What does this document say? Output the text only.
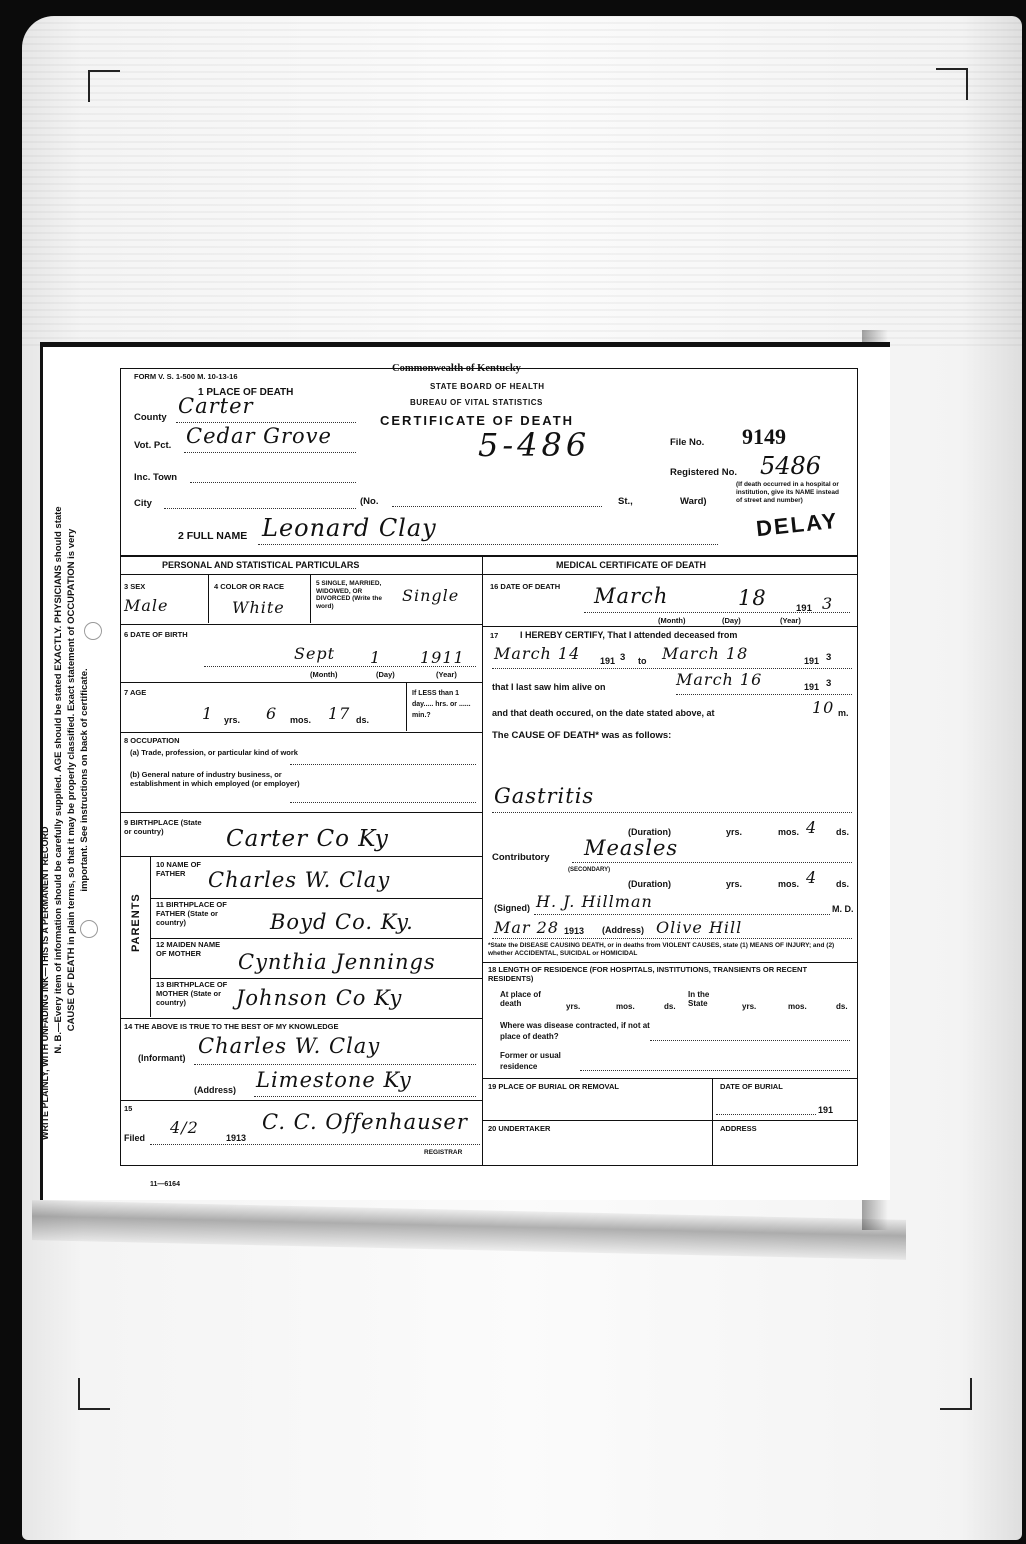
N. B.—Every item of information should be carefully supplied. AGE should be stated EXACTLY. PHYSICIANS should state CAUSE OF DEATH in plain terms, so that it may be properly classified. Exact statement of OCCUPATION is very important. See instructions on back of certificate.
WRITE PLAINLY, WITH UNFADING INK—THIS IS A PERMANENT RECORD
FORM V. S. 1-500 M. 10-13-16
Commonwealth of Kentucky
STATE BOARD OF HEALTH
BUREAU OF VITAL STATISTICS
CERTIFICATE OF DEATH
5-486
1 PLACE OF DEATH
County Carter
Vot. Pct. Cedar Grove
Inc. Town
City	(No.	St.,	Ward)
File No. 9149
Registered No. 5486
(If death occurred in a hospital or institution, give its NAME instead of street and number)
DELAY
2 FULL NAME Leonard Clay
PERSONAL AND STATISTICAL PARTICULARS	MEDICAL CERTIFICATE OF DEATH
3 SEX
Male
4 COLOR OR RACE
White
5 SINGLE, MARRIED, WIDOWED, OR DIVORCED (Write the word)
Single
6 DATE OF BIRTH
Sept 1 1911
(Month)	(Day)	(Year)
7 AGE
1 yrs. 6 mos. 17 ds.
If LESS than 1 day..... hrs. or ...... min.?
8 OCCUPATION
(a) Trade, profession, or particular kind of work
(b) General nature of industry business, or establishment in which employed (or employer)
9 BIRTHPLACE (State or country)	Carter Co Ky
PARENTS
10 NAME OF FATHER	Charles W. Clay
11 BIRTHPLACE OF FATHER (State or country)	Boyd Co. Ky.
12 MAIDEN NAME OF MOTHER	Cynthia Jennings
13 BIRTHPLACE OF MOTHER (State or country)	Johnson Co Ky
14 THE ABOVE IS TRUE TO THE BEST OF MY KNOWLEDGE
(Informant) Charles W. Clay
(Address) Limestone Ky
15
Filed
4/2
1913
C. C. Offenhauser
REGISTRAR
11—6164
16 DATE OF DEATH March	18	191 3
(Month)	(Day)	(Year)
17 I HEREBY CERTIFY, That I attended deceased from
March 14 191 3 to March 18	191 3
that I last saw him alive on	March 16	191 3
and that death occured, on the date stated above, at	10 m.
The CAUSE OF DEATH* was as follows:
Gastritis
(Duration)	yrs.	mos. 4 ds.
Contributory Measles
(SECONDARY)
(Duration)	yrs.	mos. 4 ds.
(Signed) H. J. Hillman	M. D.
Mar 28 1913 (Address) Olive Hill
*State the DISEASE CAUSING DEATH, or in deaths from VIOLENT CAUSES, state (1) MEANS OF INJURY; and (2) whether ACCIDENTAL, SUICIDAL or HOMICIDAL
18 LENGTH OF RESIDENCE (FOR HOSPITALS, INSTITUTIONS, TRANSIENTS OR RECENT RESIDENTS)
At place of death	yrs.	mos.	ds.
In the State	yrs.	mos.	ds.
Where was disease contracted, if not at place of death?
Former or usual residence
19 PLACE OF BURIAL OR REMOVAL	DATE OF BURIAL
191
20 UNDERTAKER	ADDRESS
